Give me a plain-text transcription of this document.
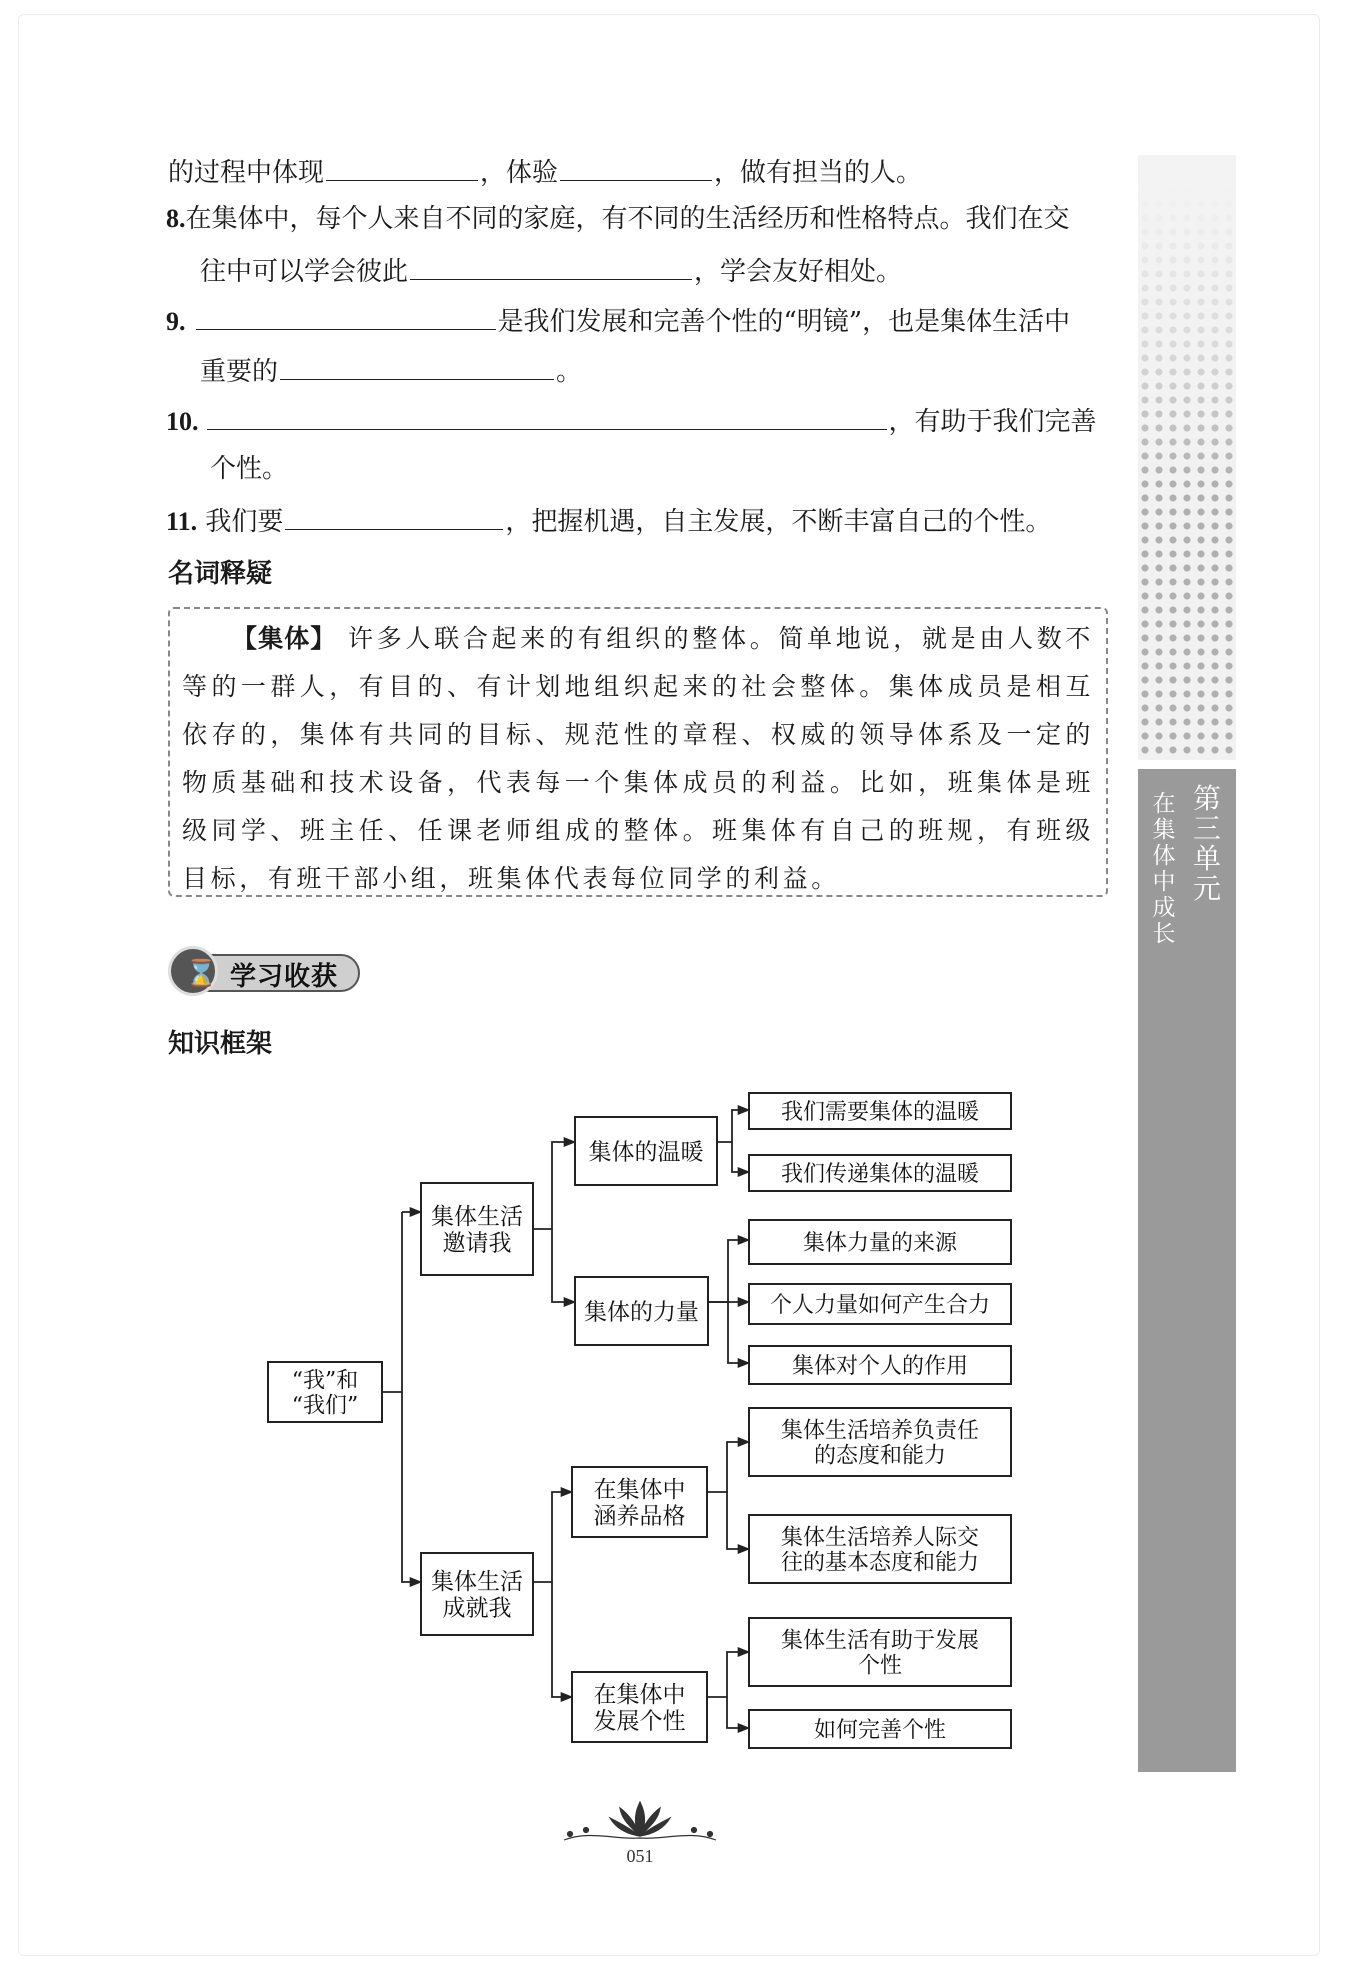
的过程中体现	，体验	，做有担当的人。
8.在集体中，每个人来自不同的家庭，有不同的生活经历和性格特点。我们在交
往中可以学会彼此	，学会友好相处。
9.	是我们发展和完善个性的“明镜”，也是集体生活中
重要的	。
10.	，有助于我们完善
个性。
11. 我们要	，把握机遇，自主发展，不断丰富自己的个性。
名词释疑

【集体】 许多人联合起来的有组织的整体。简单地说，就是由人数不等的一群人，有目的、有计划地组织起来的社会整体。集体成员是相互依存的，集体有共同的目标、规范性的章程、权威的领导体系及一定的物质基础和技术设备，代表每一个集体成员的利益。比如，班集体是班级同学、班主任、任课老师组成的整体。班集体有自己的班规，有班级目标，有班干部小组，班集体代表每位同学的利益。

⌛ 学习收获
知识框架
“我”和
“我们”
集体生活
邀请我
集体生活
成就我
集体的温暖
集体的力量
在集体中
涵养品格
在集体中
发展个性
我们需要集体的温暖
我们传递集体的温暖
集体力量的来源
个人力量如何产生合力
集体对个人的作用
集体生活培养负责任
的态度和能力
集体生活培养人际交
往的基本态度和能力
集体生活有助于发展
个性
如何完善个性
第
三
单
元
在
集
体
中
成
长
051
